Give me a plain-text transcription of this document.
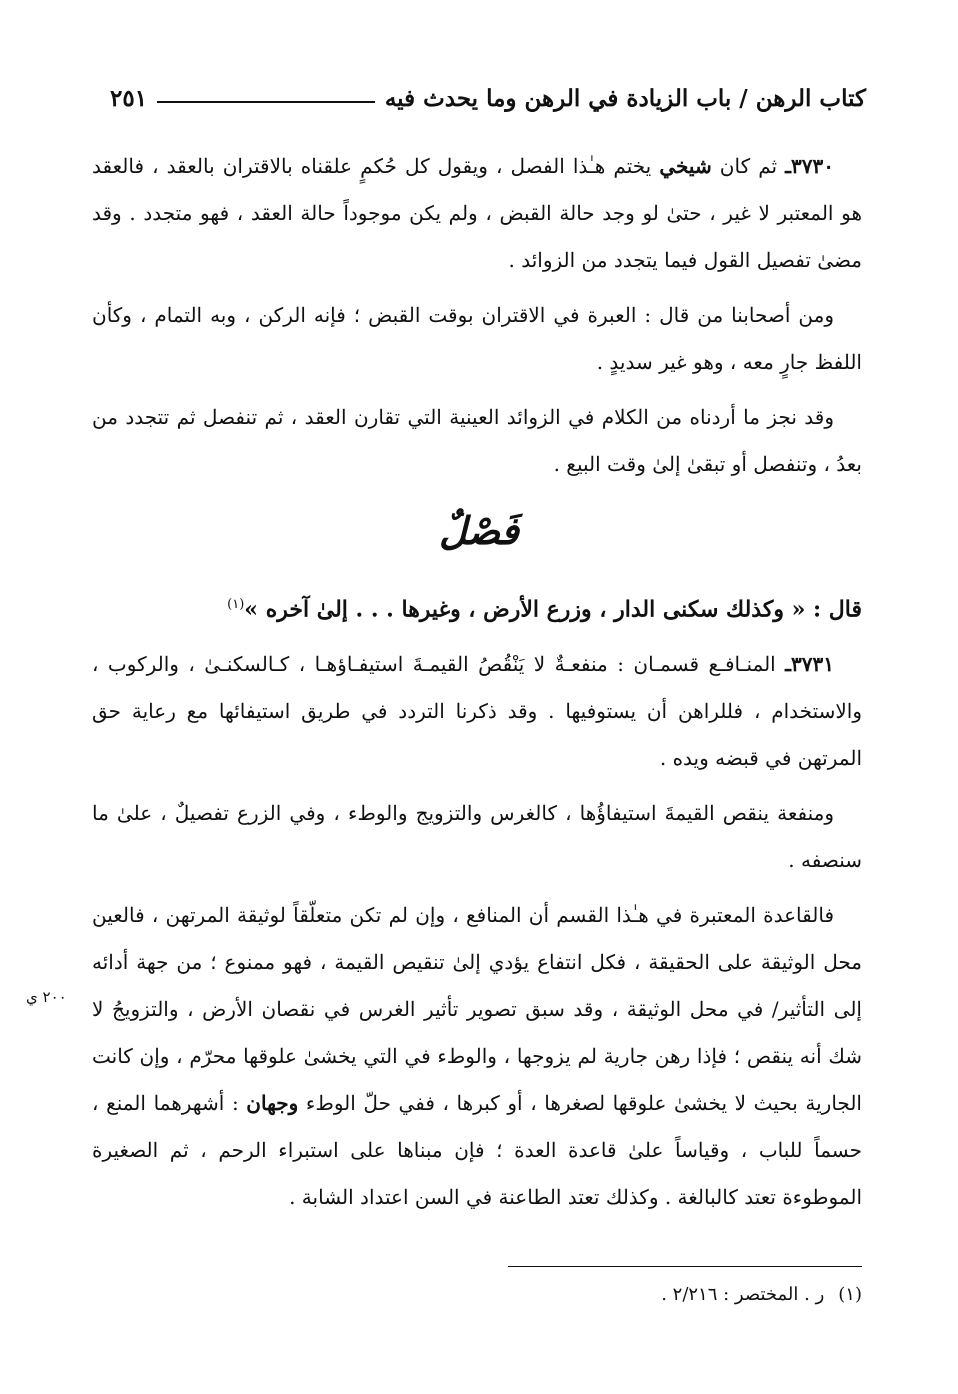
كتاب الرهن / باب الزيادة في الرهن وما يحدث فيه
٢٥١

٣٧٣٠ـ ثم كان شيخي يختم هـٰذا الفصل ، ويقول كل حُكمٍ علقناه بالاقتران بالعقد ، فالعقد هو المعتبر لا غير ، حتىٰ لو وجد حالة القبض ، ولم يكن موجوداً حالة العقد ، فهو متجدد . وقد مضىٰ تفصيل القول فيما يتجدد من الزوائد .

ومن أصحابنا من قال : العبرة في الاقتران بوقت القبض ؛ فإنه الركن ، وبه التمام ، وكأن اللفظ جارٍ معه ، وهو غير سديدٍ .

وقد نجز ما أردناه من الكلام في الزوائد العينية التي تقارن العقد ، ثم تنفصل ثم تتجدد من بعدُ ، وتنفصل أو تبقىٰ إلىٰ وقت البيع .

فَصْلٌ
قال : « وكذلك سكنى الدار ، وزرع الأرض ، وغيرها . . . إلىٰ آخره »$^{(١)}$

٣٧٣١ـ المنـافـع قسمـان : منفعـةٌ لا يَنْقُصُ القيمـةَ استيفـاؤهـا ، كـالسكنـىٰ ، والركوب ، والاستخدام ، فللراهن أن يستوفيها . وقد ذكرنا التردد في طريق استيفائها مع رعاية حق المرتهن في قبضه ويده .

ومنفعة ينقص القيمةَ استيفاؤُها ، كالغرس والتزويج والوطء ، وفي الزرع تفصيلٌ ، علىٰ ما سنصفه .

فالقاعدة المعتبرة في هـٰذا القسم أن المنافع ، وإن لم تكن متعلّقاً لوثيقة المرتهن ، فالعين محل الوثيقة على الحقيقة ، فكل انتفاع يؤدي إلىٰ تنقيص القيمة ، فهو ممنوع ؛ من جهة أدائه إلى التأثير/ في محل الوثيقة ، وقد سبق تصوير تأثير الغرس في نقصان الأرض ، والتزويجُ لا شك أنه ينقص ؛ فإذا رهن جارية لم يزوجها ، والوطء في التي يخشىٰ علوقها محرّم ، وإن كانت الجارية بحيث لا يخشىٰ علوقها لصغرها ، أو كبرها ، ففي حلّ الوطء وجهان : أشهرهما المنع ، حسماً للباب ، وقياساً علىٰ قاعدة العدة ؛ فإن مبناها على استبراء الرحم ، ثم الصغيرة الموطوءة تعتد كالبالغة . وكذلك تعتد الطاعنة في السن اعتداد الشابة .

٢٠٠ ي
(١)ر . المختصر : ٢/٢١٦ .
